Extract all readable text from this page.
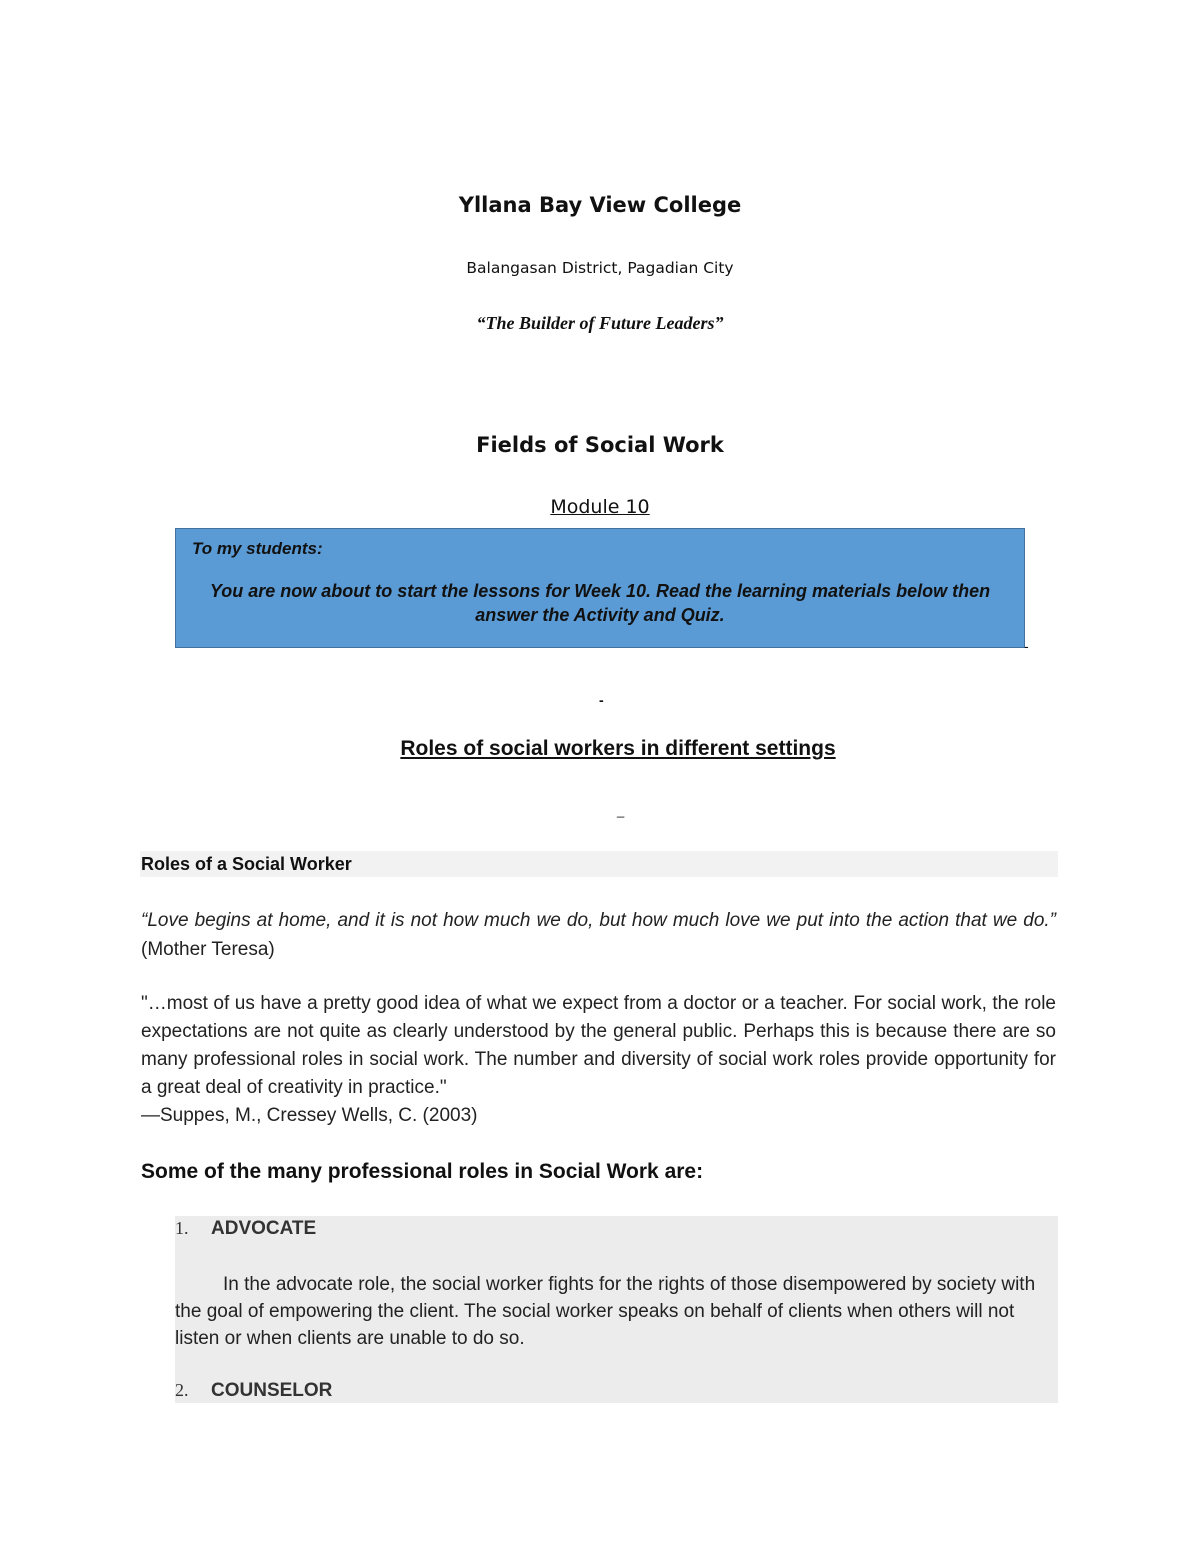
Yllana Bay View College
Balangasan District, Pagadian City
“The Builder of Future Leaders”
Fields of Social Work
Module 10
To my students:
You are now about to start the lessons for Week 10. Read the learning materials below then answer the Activity and Quiz.
-
-
Roles of social workers in different settings
_
Roles of a Social Worker
“Love begins at home, and it is not how much we do, but how much love we put into the action that we do.” (Mother Teresa)
"…most of us have a pretty good idea of what we expect from a doctor or a teacher. For social work, the role expectations are not quite as clearly understood by the general public. Perhaps this is because there are so many professional roles in social work. The number and diversity of social work roles provide opportunity for a great deal of creativity in practice."
—Suppes, M., Cressey Wells, C. (2003)
Some of the many professional roles in Social Work are:
1. ADVOCATE
In the advocate role, the social worker fights for the rights of those disempowered by society with the goal of empowering the client. The social worker speaks on behalf of clients when others will not listen or when clients are unable to do so.
2. COUNSELOR
